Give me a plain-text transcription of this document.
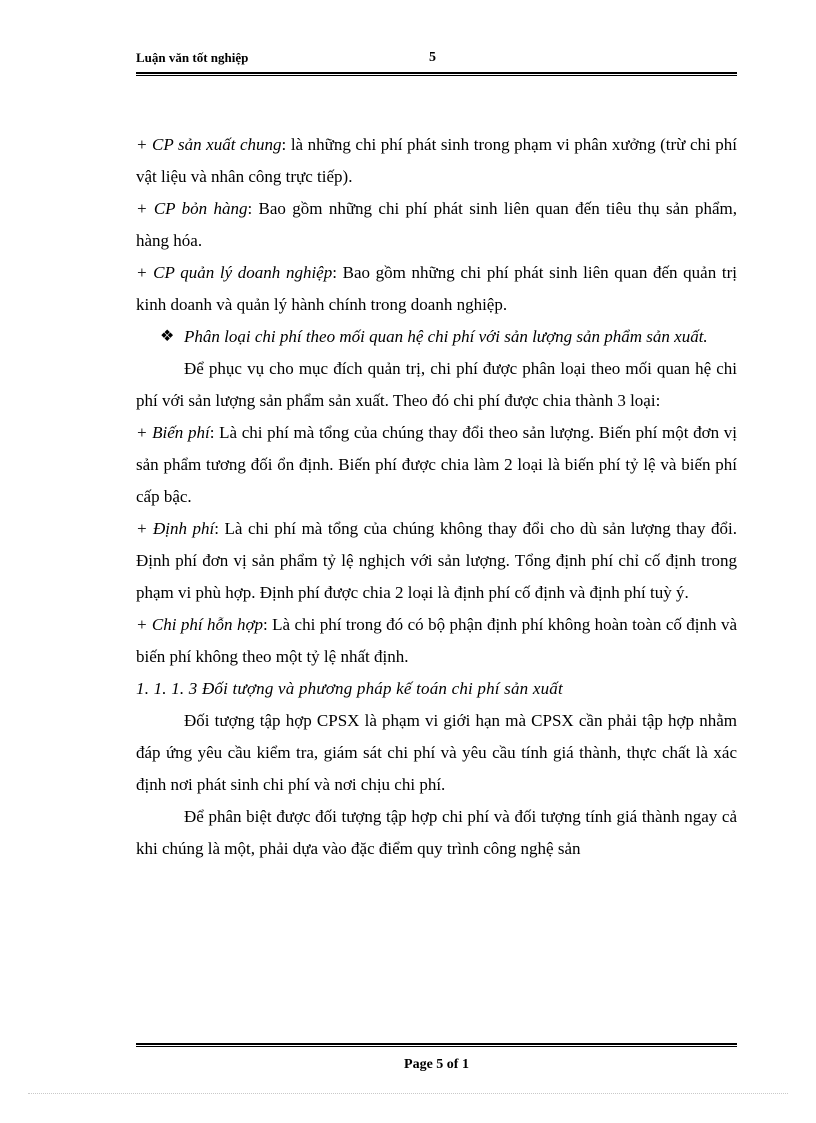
Luận văn tốt nghiệp	5

+ CP sản xuất chung: là những chi phí phát sinh trong phạm vi phân xưởng (trừ chi phí vật liệu và nhân công trực tiếp).

+ CP bỏn hàng: Bao gồm những chi phí phát sinh liên quan đến tiêu thụ sản phẩm, hàng hóa.

+ CP quản lý doanh nghiệp: Bao gồm những chi phí phát sinh liên quan đến quản trị kinh doanh và quản lý hành chính trong doanh nghiệp.

❖ Phân loại chi phí theo mối quan hệ chi phí với sản lượng sản phẩm sản xuất.

Để phục vụ cho mục đích quản trị, chi phí được phân loại theo mối quan hệ chi phí với sản lượng sản phẩm sản xuất. Theo đó chi phí được chia thành 3 loại:

+ Biến phí: Là chi phí mà tổng của chúng thay đổi theo sản lượng. Biến phí một đơn vị sản phẩm tương đối ổn định. Biến phí được chia làm 2 loại là biến phí tỷ lệ và biến phí cấp bậc.

+ Định phí: Là chi phí mà tổng của chúng không thay đổi cho dù sản lượng thay đổi. Định phí đơn vị sản phẩm tỷ lệ nghịch với sản lượng. Tổng định phí chỉ cố định trong phạm vi phù hợp. Định phí được chia 2 loại là định phí cố định và định phí tuỳ ý.

+ Chi phí hỗn hợp: Là chi phí trong đó có bộ phận định phí không hoàn toàn cố định và biến phí không theo một tỷ lệ nhất định.

1. 1. 1. 3 Đối tượng và phương pháp kế toán chi phí sản xuất

Đối tượng tập hợp CPSX là phạm vi giới hạn mà CPSX cần phải tập hợp nhằm đáp ứng yêu cầu kiểm tra, giám sát chi phí và yêu cầu tính giá thành, thực chất là xác định nơi phát sinh chi phí và nơi chịu chi phí.

Để phân biệt được đối tượng tập hợp chi phí và đối tượng tính giá thành ngay cả khi chúng là một, phải dựa vào đặc điểm quy trình công nghệ sản

Page 5 of 1
